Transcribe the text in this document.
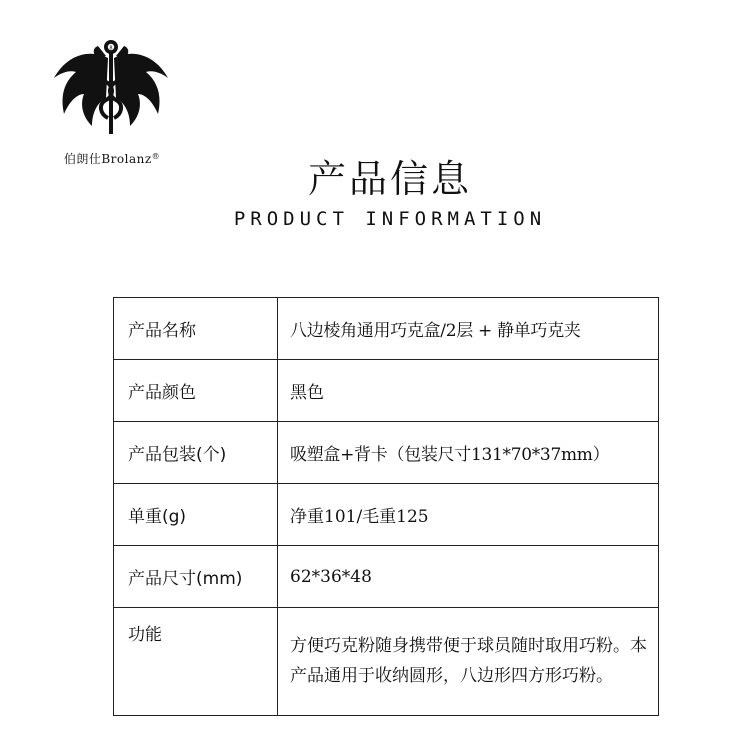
8
伯朗仕Brolanz®
产品信息
PRODUCT INFORMATION
产品名称	八边棱角通用巧克盒/2层 + 静单巧克夹
产品颜色	黑色
产品包装(个)	吸塑盒+背卡（包装尺寸131*70*37mm）
单重(g)	净重101/毛重125
产品尺寸(mm)	62*36*48
功能	方便巧克粉随身携带便于球员随时取用巧粉。本产品通用于收纳圆形，八边形四方形巧粉。
